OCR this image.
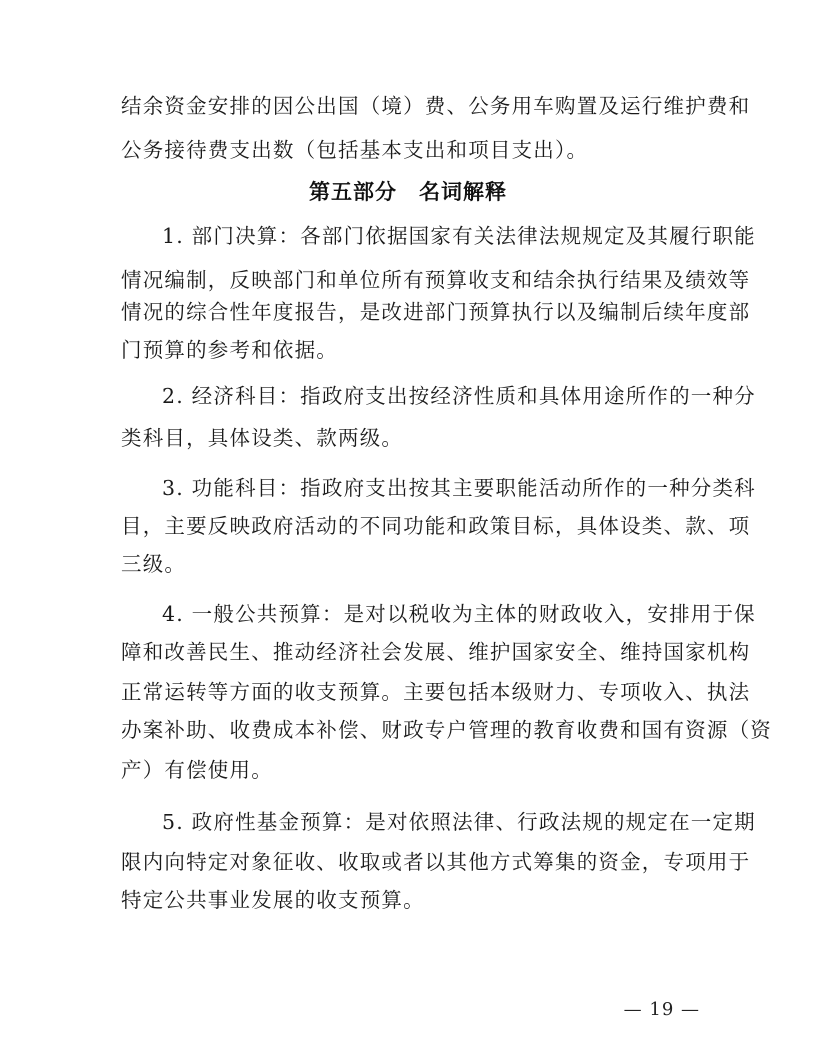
结余资金安排的因公出国（境）费、公务用车购置及运行维护费和
公务接待费支出数（包括基本支出和项目支出）。
第五部分　名词解释
1. 部门决算：各部门依据国家有关法律法规规定及其履行职能
情况编制，反映部门和单位所有预算收支和结余执行结果及绩效等
情况的综合性年度报告，是改进部门预算执行以及编制后续年度部
门预算的参考和依据。
2. 经济科目：指政府支出按经济性质和具体用途所作的一种分
类科目，具体设类、款两级。
3. 功能科目：指政府支出按其主要职能活动所作的一种分类科
目，主要反映政府活动的不同功能和政策目标，具体设类、款、项
三级。
4. 一般公共预算：是对以税收为主体的财政收入，安排用于保
障和改善民生、推动经济社会发展、维护国家安全、维持国家机构
正常运转等方面的收支预算。主要包括本级财力、专项收入、执法
办案补助、收费成本补偿、财政专户管理的教育收费和国有资源（资
产）有偿使用。
5. 政府性基金预算：是对依照法律、行政法规的规定在一定期
限内向特定对象征收、收取或者以其他方式筹集的资金，专项用于
特定公共事业发展的收支预算。
— 19 —
